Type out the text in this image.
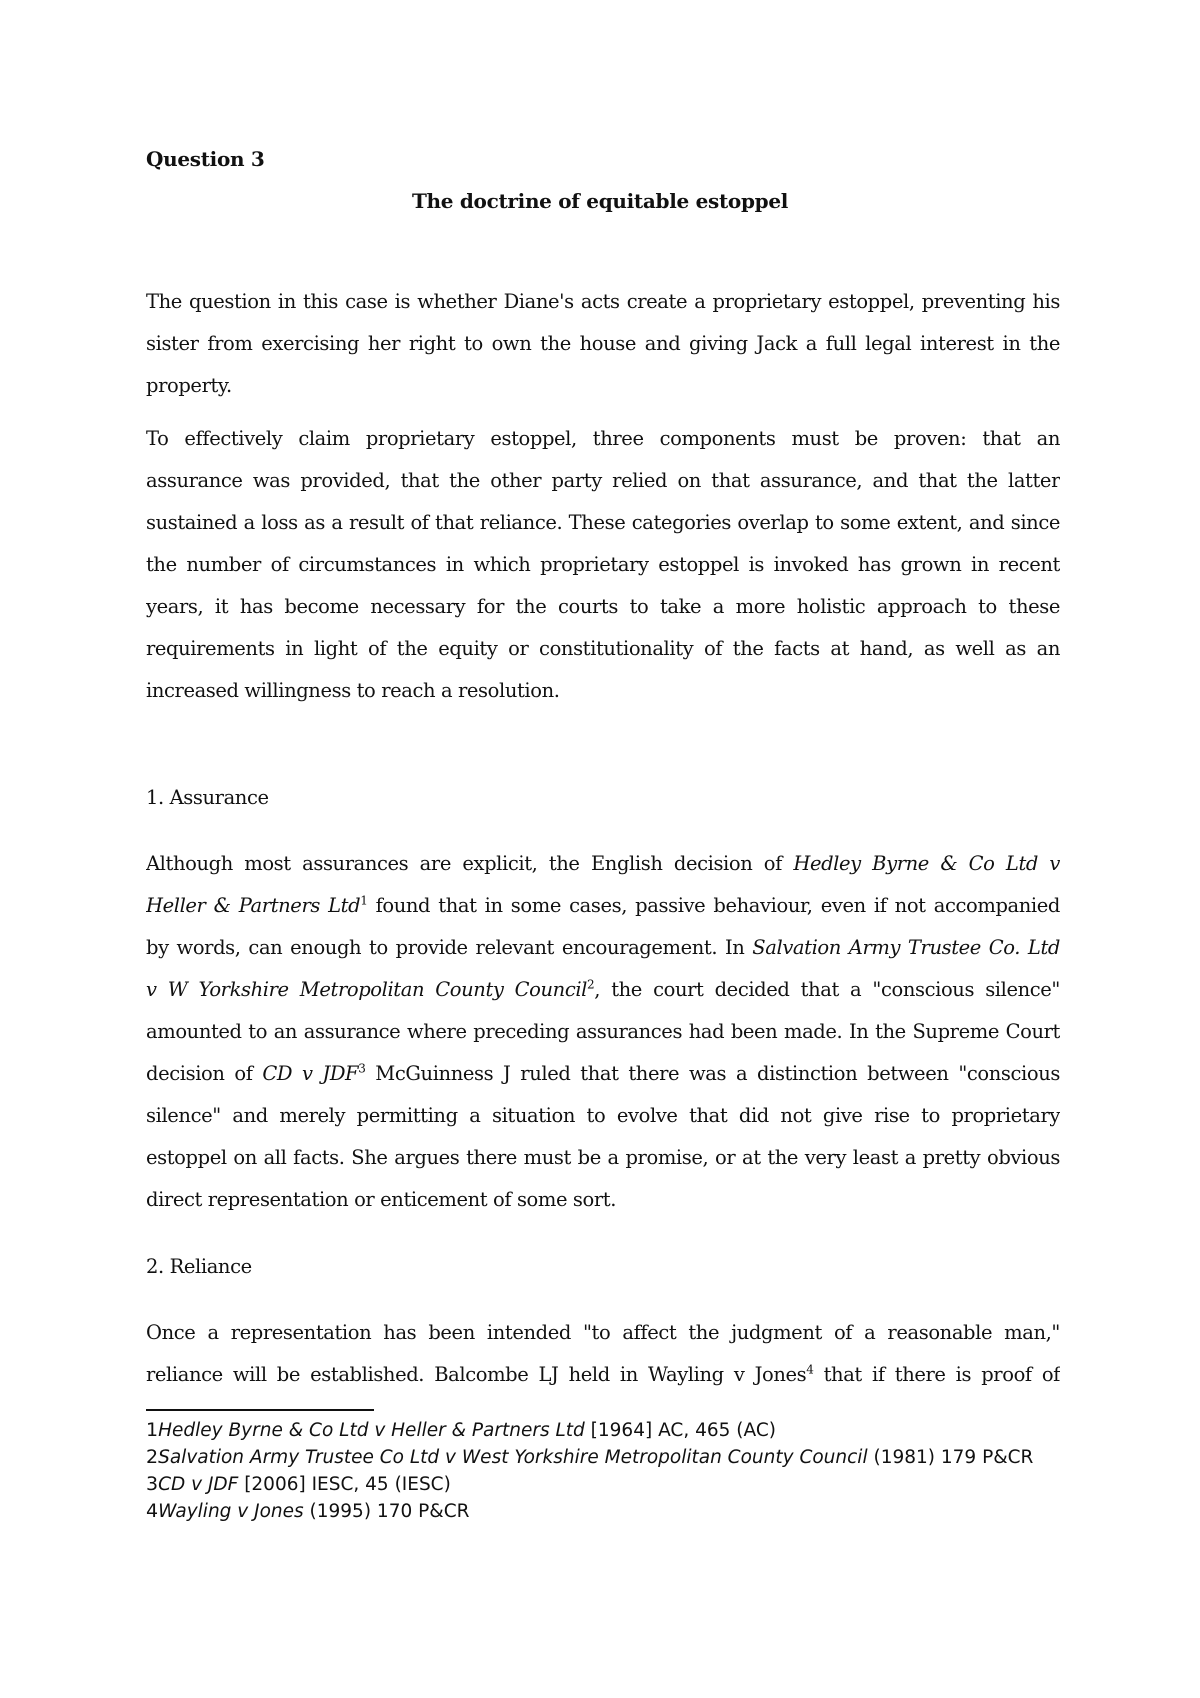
Question 3

The doctrine of equitable estoppel

The question in this case is whether Diane's acts create a proprietary estoppel, preventing his
sister from exercising her right to own the house and giving Jack a full legal interest in the
property.
To effectively claim proprietary estoppel, three components must be proven: that an
assurance was provided, that the other party relied on that assurance, and that the latter
sustained a loss as a result of that reliance. These categories overlap to some extent, and since
the number of circumstances in which proprietary estoppel is invoked has grown in recent
years, it has become necessary for the courts to take a more holistic approach to these
requirements in light of the equity or constitutionality of the facts at hand, as well as an
increased willingness to reach a resolution.

1. Assurance

Although most assurances are explicit, the English decision of Hedley Byrne & Co Ltd v
Heller & Partners Ltd$^1$ found that in some cases, passive behaviour, even if not accompanied
by words, can enough to provide relevant encouragement. In Salvation Army Trustee Co. Ltd
v W Yorkshire Metropolitan County Council$^2$, the court decided that a "conscious silence"
amounted to an assurance where preceding assurances had been made. In the Supreme Court
decision of CD v JDF$^3$ McGuinness J ruled that there was a distinction between "conscious
silence" and merely permitting a situation to evolve that did not give rise to proprietary
estoppel on all facts. She argues there must be a promise, or at the very least a pretty obvious
direct representation or enticement of some sort.

2. Reliance

Once a representation has been intended "to affect the judgment of a reasonable man,"
reliance will be established. Balcombe LJ held in Wayling v Jones$^4$ that if there is proof of

1Hedley Byrne & Co Ltd v Heller & Partners Ltd [1964] AC, 465 (AC)

2Salvation Army Trustee Co Ltd v West Yorkshire Metropolitan County Council (1981) 179 P&CR

3CD v JDF [2006] IESC, 45 (IESC)

4Wayling v Jones (1995) 170 P&CR
